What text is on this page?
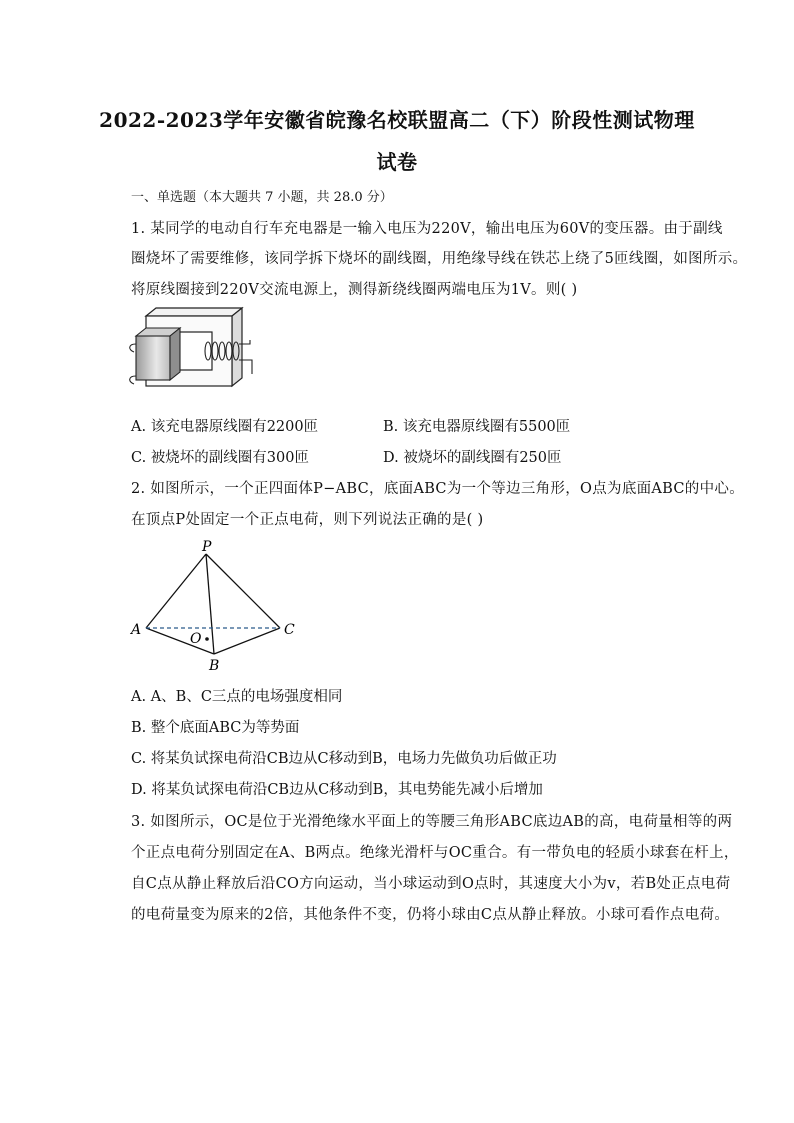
2022-2023学年安徽省皖豫名校联盟高二（下）阶段性测试物理
试卷
一、单选题（本大题共 7 小题，共 28.0 分）
1. 某同学的电动自行车充电器是一输入电压为220V，输出电压为60V的变压器。由于副线
圈烧坏了需要维修，该同学拆下烧坏的副线圈，用绝缘导线在铁芯上绕了5匝线圈，如图所示。
将原线圈接到220V交流电源上，测得新绕线圈两端电压为1V。则( )
A. 该充电器原线圈有2200匝	B. 该充电器原线圈有5500匝
C. 被烧坏的副线圈有300匝	D. 被烧坏的副线圈有250匝
2. 如图所示，一个正四面体P−ABC，底面ABC为一个等边三角形，O点为底面ABC的中心。
在顶点P处固定一个正点电荷，则下列说法正确的是( )
P
A	C
B
O
A. A、B、C三点的电场强度相同
B. 整个底面ABC为等势面
C. 将某负试探电荷沿CB边从C移动到B，电场力先做负功后做正功
D. 将某负试探电荷沿CB边从C移动到B，其电势能先减小后增加
3. 如图所示，OC是位于光滑绝缘水平面上的等腰三角形ABC底边AB的高，电荷量相等的两
个正点电荷分别固定在A、B两点。绝缘光滑杆与OC重合。有一带负电的轻质小球套在杆上，
自C点从静止释放后沿CO方向运动，当小球运动到O点时，其速度大小为v，若B处正点电荷
的电荷量变为原来的2倍，其他条件不变，仍将小球由C点从静止释放。小球可看作点电荷。
